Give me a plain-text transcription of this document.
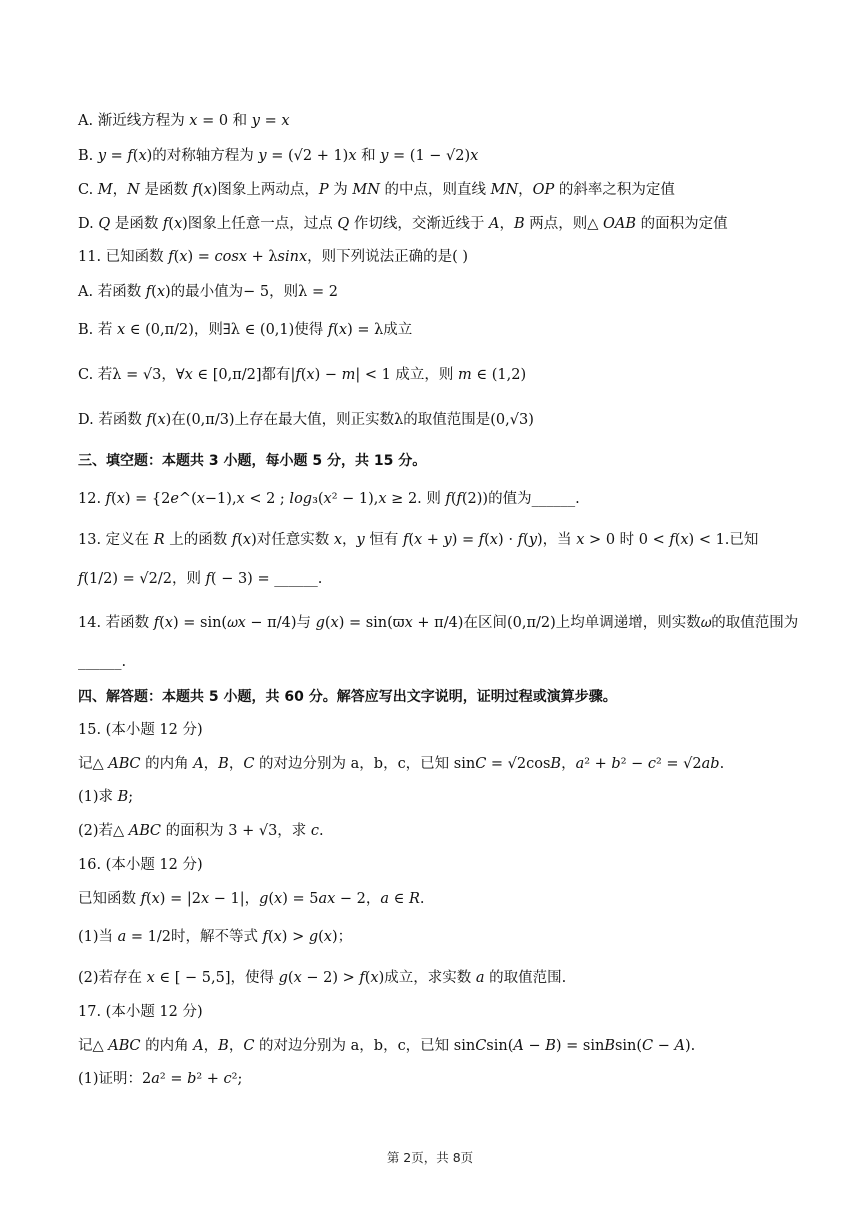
A. 渐近线方程为 𝑥 = 0 和 𝑦 = 𝑥
B. 𝑦 = 𝑓(𝑥)的对称轴方程为 𝑦 = (√2 + 1)𝑥 和 𝑦 = (1 − √2)𝑥
C. 𝑀，𝑁 是函数 𝑓(𝑥)图象上两动点，𝑃 为 𝑀𝑁 的中点，则直线 𝑀𝑁，𝑂𝑃 的斜率之积为定值
D. 𝑄 是函数 𝑓(𝑥)图象上任意一点，过点 𝑄 作切线，交渐近线于 𝐴，𝐵 两点，则△ 𝑂𝐴𝐵 的面积为定值
11. 已知函数 𝑓(𝑥) = 𝑐𝑜𝑠𝑥 + λ𝑠𝑖𝑛𝑥，则下列说法正确的是( )
A. 若函数 𝑓(𝑥)的最小值为− 5，则λ = 2
B. 若 𝑥 ∈ (0,π/2)，则∃λ ∈ (0,1)使得 𝑓(𝑥) = λ成立
C. 若λ = √3，∀𝑥 ∈ [0,π/2]都有|𝑓(𝑥) − 𝑚| < 1 成立，则 𝑚 ∈ (1,2)
D. 若函数 𝑓(𝑥)在(0,π/3)上存在最大值，则正实数λ的取值范围是(0,√3)
三、填空题：本题共 3 小题，每小题 5 分，共 15 分。
12. 𝑓(𝑥) = {2𝑒^(𝑥−1),𝑥 < 2 ; 𝑙𝑜𝑔₃(𝑥² − 1),𝑥 ≥ 2. 则 𝑓(𝑓(2))的值为______.
13. 定义在 𝑅 上的函数 𝑓(𝑥)对任意实数 𝑥，𝑦 恒有 𝑓(𝑥 + 𝑦) = 𝑓(𝑥) ⋅ 𝑓(𝑦)，当 𝑥 > 0 时 0 < 𝑓(𝑥) < 1.已知
𝑓(1/2) = √2/2，则 𝑓( − 3) = ______.
14. 若函数 𝑓(𝑥) = sin(𝜔𝑥 − π/4)与 𝑔(𝑥) = sin(ϖ𝑥 + π/4)在区间(0,π/2)上均单调递增，则实数𝜔的取值范围为
______.
四、解答题：本题共 5 小题，共 60 分。解答应写出文字说明，证明过程或演算步骤。
15. (本小题 12 分)
记△ 𝐴𝐵𝐶 的内角 𝐴，𝐵，𝐶 的对边分别为 a，b，c，已知 sin𝐶 = √2cos𝐵，𝑎² + 𝑏² − 𝑐² = √2𝑎𝑏.
(1)求 𝐵;
(2)若△ 𝐴𝐵𝐶 的面积为 3 + √3，求 𝑐.
16. (本小题 12 分)
已知函数 𝑓(𝑥) = |2𝑥 − 1|，𝑔(𝑥) = 5𝑎𝑥 − 2，𝑎 ∈ 𝑅.
(1)当 𝑎 = 1/2时，解不等式 𝑓(𝑥) > 𝑔(𝑥)；
(2)若存在 𝑥 ∈ [ − 5,5]，使得 𝑔(𝑥 − 2) > 𝑓(𝑥)成立，求实数 𝑎 的取值范围.
17. (本小题 12 分)
记△ 𝐴𝐵𝐶 的内角 𝐴，𝐵，𝐶 的对边分别为 a，b，c，已知 sin𝐶sin(𝐴 − 𝐵) = sin𝐵sin(𝐶 − 𝐴).
(1)证明：2𝑎² = 𝑏² + 𝑐²;
第 2页，共 8页
